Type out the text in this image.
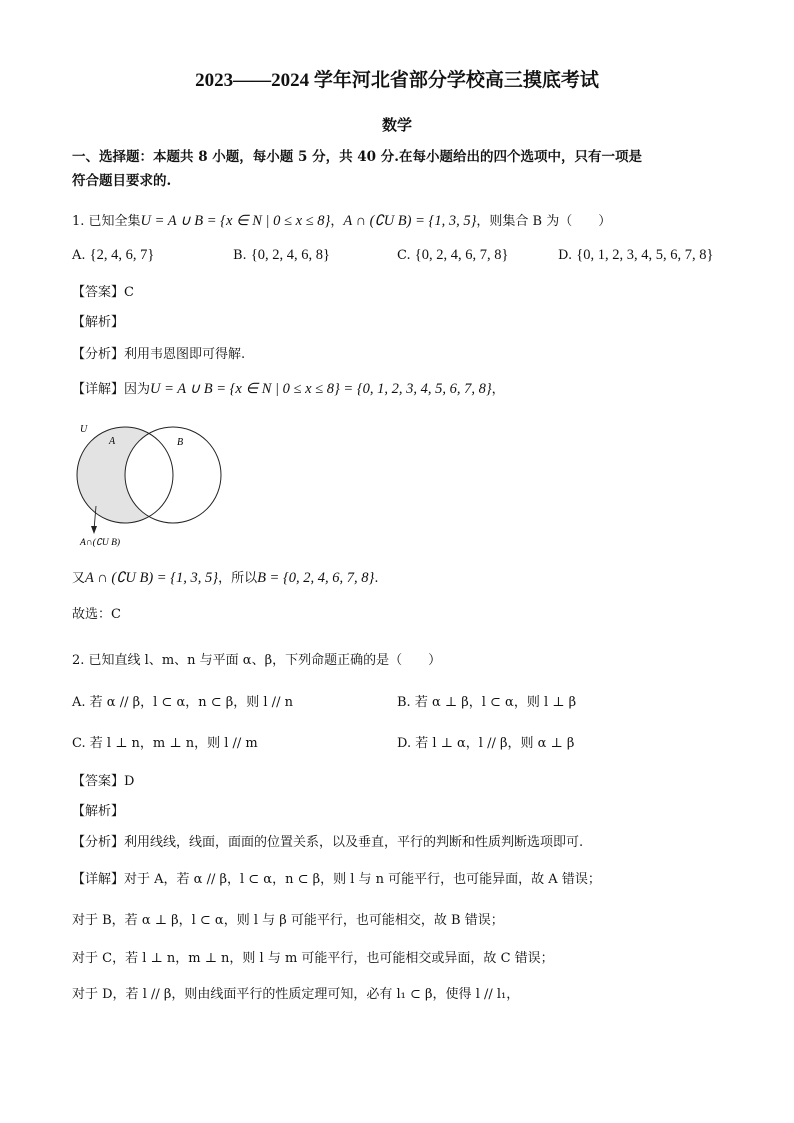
2023——2024 学年河北省部分学校高三摸底考试
数学
一、选择题：本题共 8 小题，每小题 5 分，共 40 分.在每小题给出的四个选项中，只有一项是
符合题目要求的.
1. 已知全集U = A ∪ B = {x ∈ N | 0 ≤ x ≤ 8}，A ∩ (∁U B) = {1, 3, 5}，则集合 B 为（　　）
A. {2, 4, 6, 7}	B. {0, 2, 4, 6, 8}	C. {0, 2, 4, 6, 7, 8}	D. {0, 1, 2, 3, 4, 5, 6, 7, 8}
【答案】C
【解析】
【分析】利用韦恩图即可得解.
【详解】因为U = A ∪ B = {x ∈ N | 0 ≤ x ≤ 8} = {0, 1, 2, 3, 4, 5, 6, 7, 8}，
U
A	B
A∩(∁U B)
又A ∩ (∁U B) = {1, 3, 5}，所以B = {0, 2, 4, 6, 7, 8}.
故选：C
2. 已知直线 l、m、n 与平面 α、β，下列命题正确的是（　　）
A. 若 α // β，l ⊂ α，n ⊂ β，则 l // n	B. 若 α ⊥ β，l ⊂ α，则 l ⊥ β
C. 若 l ⊥ n，m ⊥ n，则 l // m	D. 若 l ⊥ α，l // β，则 α ⊥ β
【答案】D
【解析】
【分析】利用线线，线面，面面的位置关系，以及垂直，平行的判断和性质判断选项即可.
【详解】对于 A，若 α // β，l ⊂ α，n ⊂ β，则 l 与 n 可能平行，也可能异面，故 A 错误；
对于 B，若 α ⊥ β，l ⊂ α，则 l 与 β 可能平行，也可能相交，故 B 错误；
对于 C，若 l ⊥ n，m ⊥ n，则 l 与 m 可能平行，也可能相交或异面，故 C 错误；
对于 D，若 l // β，则由线面平行的性质定理可知，必有 l₁ ⊂ β，使得 l // l₁，
